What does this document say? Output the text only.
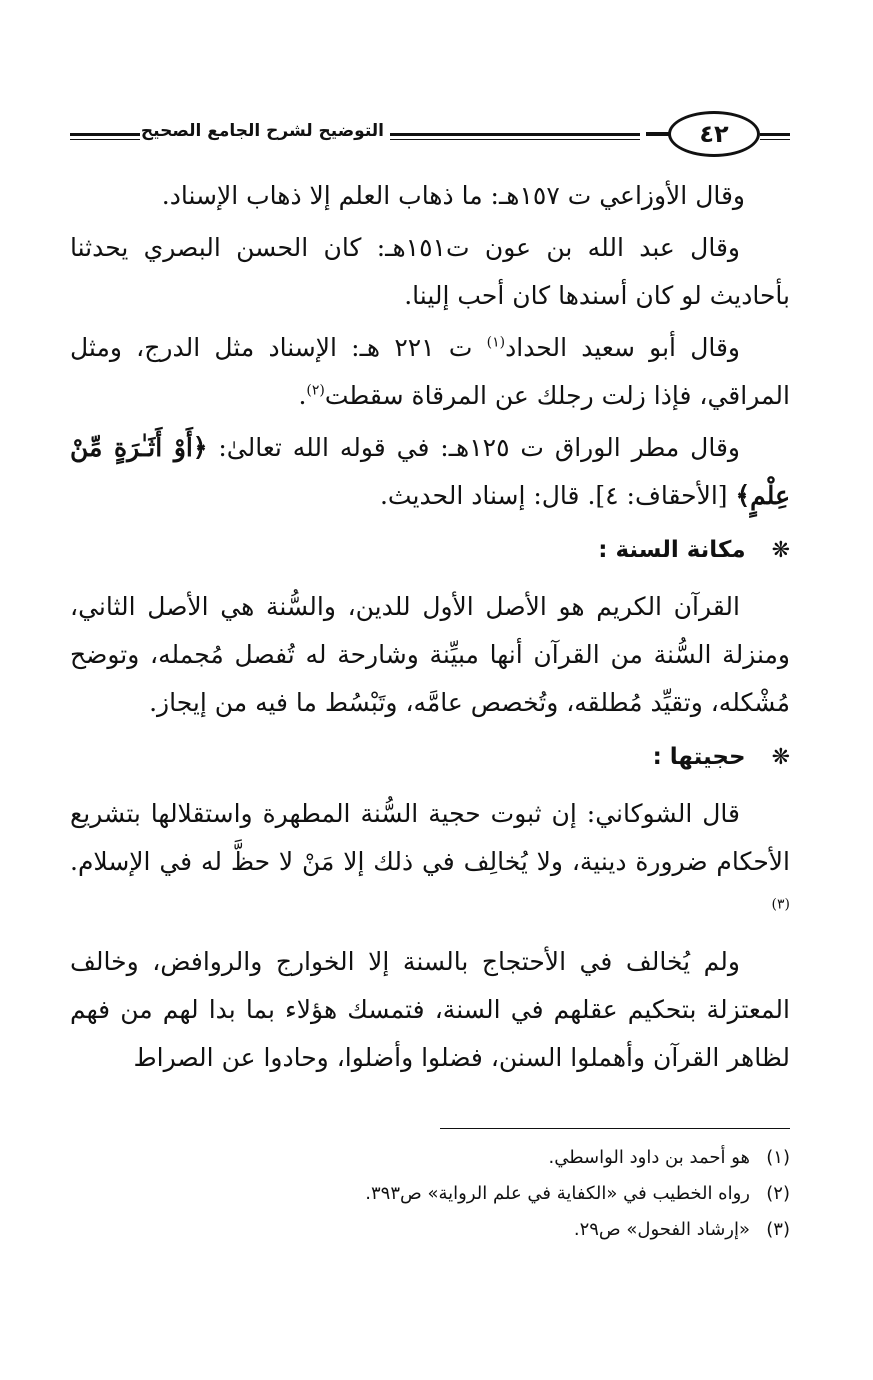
التوضيح لشرح الجامع الصحيح	٤٢

وقال الأوزاعي ت ١٥٧هـ: ما ذهاب العلم إلا ذهاب الإسناد.

وقال عبد الله بن عون ت١٥١هـ: كان الحسن البصري يحدثنا بأحاديث لو كان أسندها كان أحب إلينا.

وقال أبو سعيد الحداد$^{(١)}$ ت ٢٢١ هـ: الإسناد مثل الدرج، ومثل المراقي، فإذا زلت رجلك عن المرقاة سقطت$^{(٢)}$.

وقال مطر الوراق ت ١٢٥هـ: في قوله الله تعالىٰ: ﴿أَوْ أَثَـٰرَةٍ مِّنْ عِلْمٍ﴾ [الأحقاف: ٤]. قال: إسناد الحديث.

❋مكانة السنة :

القرآن الكريم هو الأصل الأول للدين، والسُّنة هي الأصل الثاني، ومنزلة السُّنة من القرآن أنها مبيِّنة وشارحة له تُفصل مُجمله، وتوضح مُشْكله، وتقيِّد مُطلقه، وتُخصص عامَّه، وتَبْسُط ما فيه من إيجاز.

❋حجيتها :

قال الشوكاني: إن ثبوت حجية السُّنة المطهرة واستقلالها بتشريع الأحكام ضرورة دينية، ولا يُخالِف في ذلك إلا مَنْ لا حظَّ له في الإسلام.$^{(٣)}$

ولم يُخالف في الأحتجاج بالسنة إلا الخوارج والروافض، وخالف المعتزلة بتحكيم عقلهم في السنة، فتمسك هؤلاء بما بدا لهم من فهم لظاهر القرآن وأهملوا السنن، فضلوا وأضلوا، وحادوا عن الصراط

(١)هو أحمد بن داود الواسطي.
(٢)رواه الخطيب في «الكفاية في علم الرواية» ص٣٩٣.
(٣)«إرشاد الفحول» ص٢٩.
